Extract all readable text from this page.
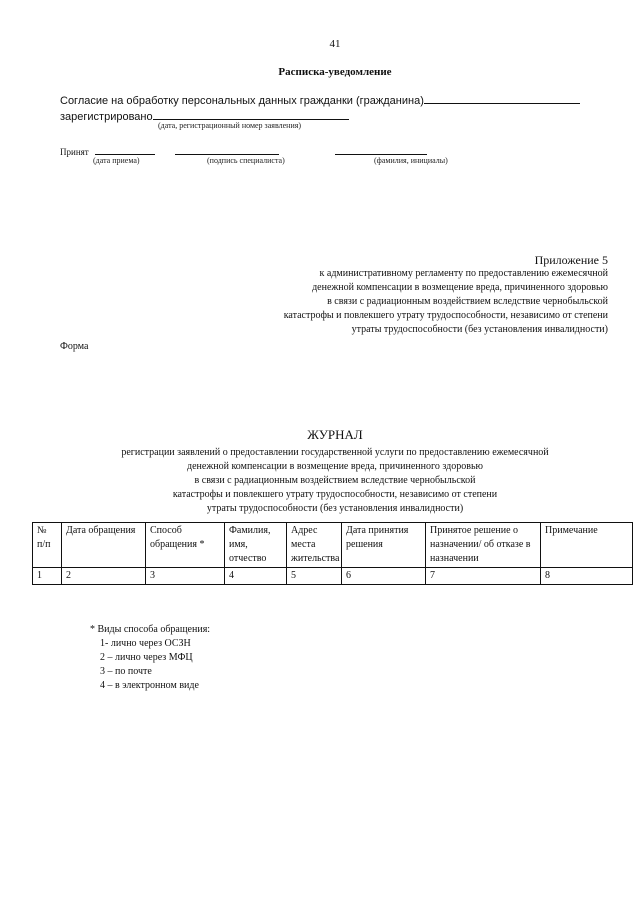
41
Расписка-уведомление
Согласие на обработку персональных данных гражданки (гражданина)
зарегистрировано
(дата, регистрационный номер заявления)
Принят
(дата приема)	(подпись специалиста)	(фамилия, инициалы)
Приложение 5
к административному регламенту по предоставлению ежемесячной
денежной компенсации в возмещение вреда, причиненного здоровью
в связи с радиационным воздействием вследствие чернобыльской
катастрофы и повлекшего утрату трудоспособности, независимо от степени
утраты трудоспособности (без установления инвалидности)
Форма
ЖУРНАЛ
регистрации заявлений о предоставлении государственной услуги по предоставлению ежемесячной
денежной компенсации в возмещение вреда, причиненного здоровью
в связи с радиационным воздействием вследствие чернобыльской
катастрофы и повлекшего утрату трудоспособности, независимо от степени
утраты трудоспособности (без установления инвалидности)
№ п/п	Дата обращения	Способ обращения *	Фамилия, имя, отчество	Адрес места жительства	Дата принятия решения	Принятое решение о назначении/ об отказе в назначении	Примечание
1	2	3	4	5	6	7	8
* Виды способа обращения:
1- лично через ОСЗН
2 – лично через МФЦ
3 – по почте
4 – в электронном виде
